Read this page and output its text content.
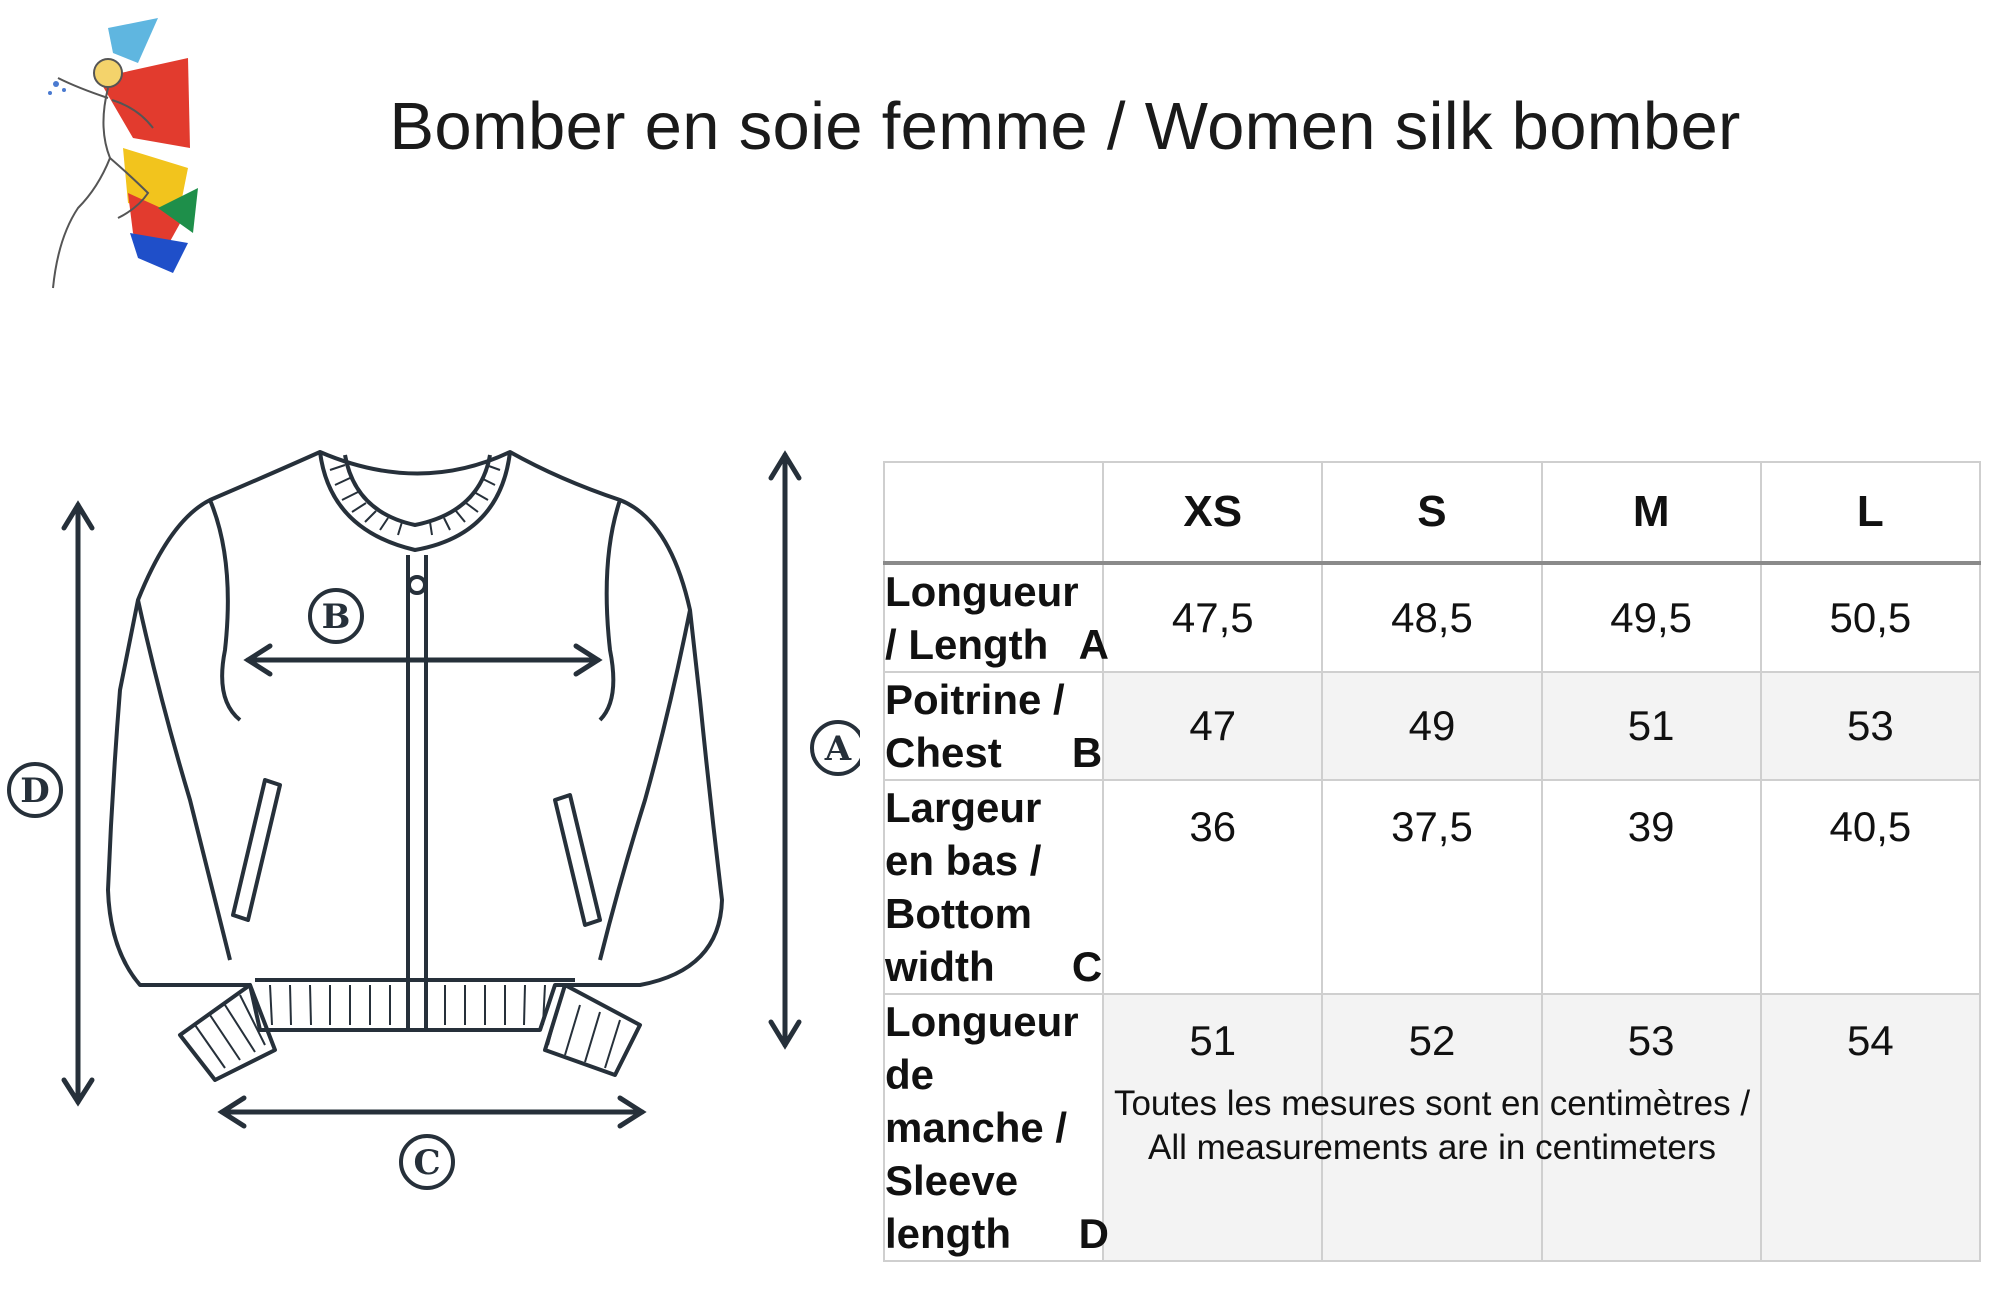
Bomber en soie femme / Women silk bomber
D
A
B
C
	XS	S	M	L

Longueur / Length A	47,5	48,5	49,5	50,5

Poitrine / Chest B	47	49	51	53

Largeur en bas /
Bottom width C	36	37,5	39	40,5

Longueur de manche /
Sleeve length D	51	52	53	54
Toutes les mesures sont en centimètres /
All measurements are in centimeters
